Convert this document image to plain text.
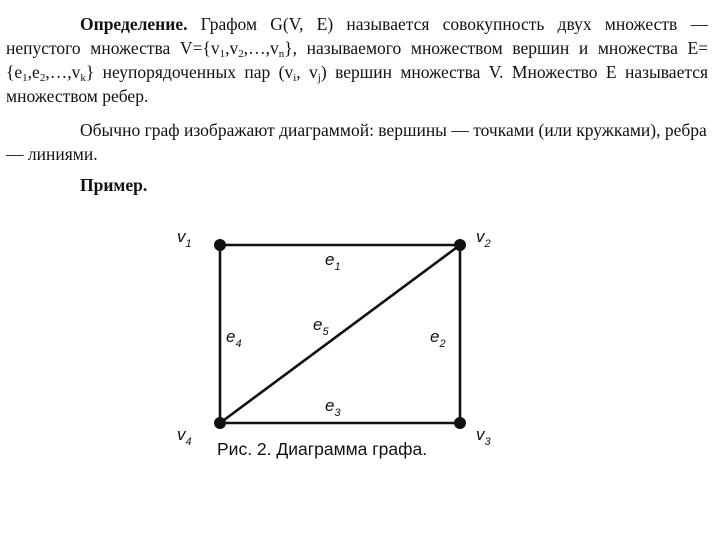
Определение. Графом G(V, E) называется совокупность двух множеств — непустого множества $V=\{v_1,v_2,\dots,v_n\}$, называемого множеством вершин и множества $E= \{e_1,e_2,\dots,v_k\}$ неупорядоченных пар ($v_i$, $v_j$) вершин множества V. Множество E называется множеством ребер.

Обычно граф изображают диаграммой: вершины — точками (или кружками), ребра — линиями.

Пример.

$v_1$	$v_2$
$v_3$
$v_4$
$e_1$
$e_2$
$e_3$
$e_4$
$e_5$
Рис. 2. Диаграмма графа.
